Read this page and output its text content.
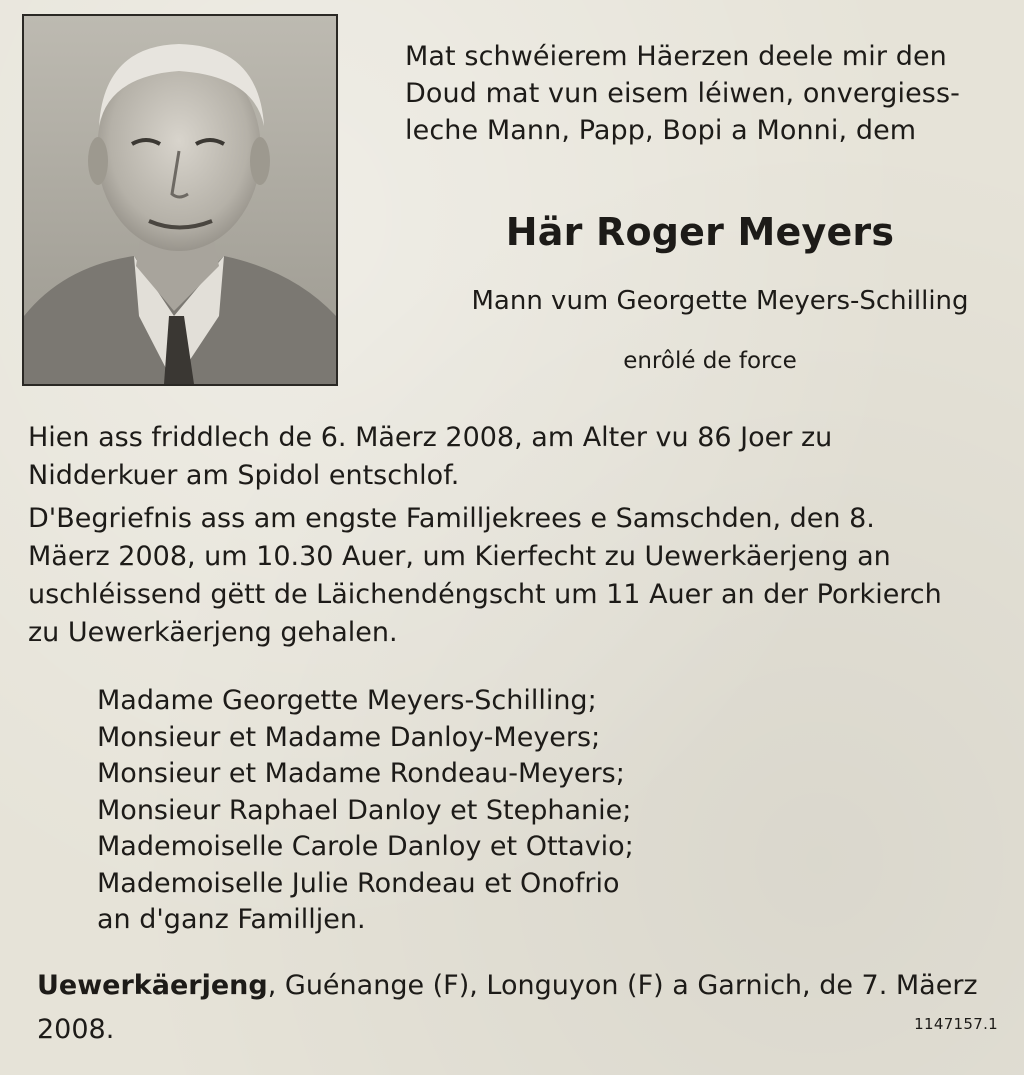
Mat schwéierem Häerzen deele mir den
Doud mat vun eisem léiwen, onvergiess-
leche Mann, Papp, Bopi a Monni, dem
Här Roger Meyers
Mann vum Georgette Meyers-Schilling
enrôlé de force
Hien ass friddlech de 6. Mäerz 2008, am Alter vu 86 Joer zu
Nidderkuer am Spidol entschlof.
D'Begriefnis ass am engste Familljekrees e Samschden, den 8.
Mäerz 2008, um 10.30 Auer, um Kierfecht zu Uewerkäerjeng an
uschléissend gëtt de Läichendéngscht um 11 Auer an der Porkierch
zu Uewerkäerjeng gehalen.
Madame Georgette Meyers-Schilling;
Monsieur et Madame Danloy-Meyers;
Monsieur et Madame Rondeau-Meyers;
Monsieur Raphael Danloy et Stephanie;
Mademoiselle Carole Danloy et Ottavio;
Mademoiselle Julie Rondeau et Onofrio
an d'ganz Familljen.
Uewerkäerjeng, Guénange (F), Longuyon (F) a Garnich, de 7. Mäerz
2008.	1147157.1
